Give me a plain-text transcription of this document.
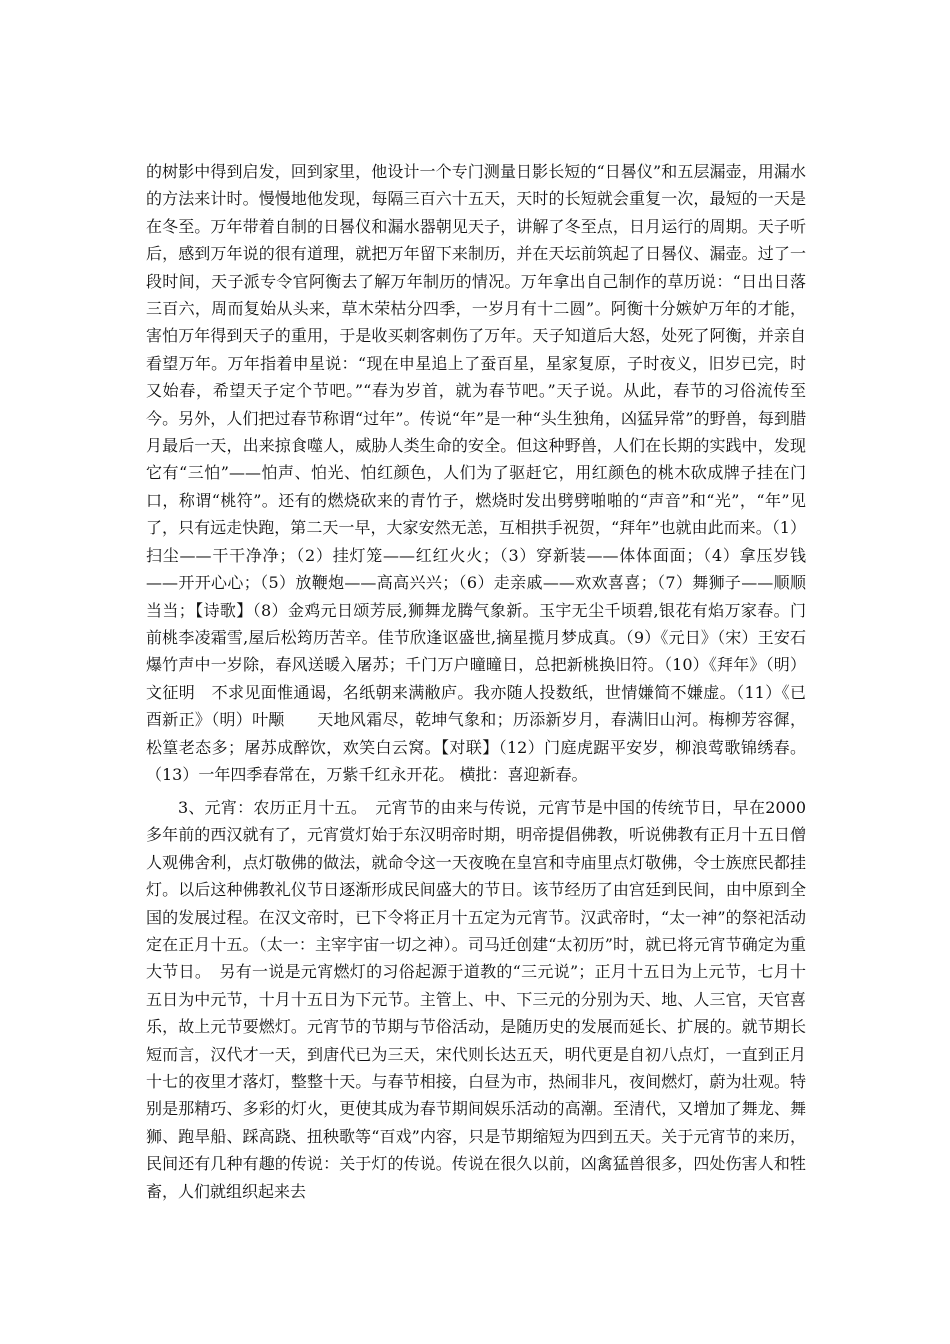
的树影中得到启发，回到家里，他设计一个专门测量日影长短的“日晷仪”和五层漏壶，用漏水的方法来计时。慢慢地他发现，每隔三百六十五天，天时的长短就会重复一次，最短的一天是在冬至。万年带着自制的日晷仪和漏水器朝见天子，讲解了冬至点，日月运行的周期。天子听后，感到万年说的很有道理，就把万年留下来制历，并在天坛前筑起了日晷仪、漏壶。过了一段时间，天子派专令官阿衡去了解万年制历的情况。万年拿出自己制作的草历说：“日出日落三百六，周而复始从头来，草木荣枯分四季，一岁月有十二圆”。阿衡十分嫉妒万年的才能，害怕万年得到天子的重用，于是收买刺客刺伤了万年。天子知道后大怒，处死了阿衡，并亲自看望万年。万年指着申星说：“现在申星追上了蚕百星，星家复原，子时夜义，旧岁已完，时又始春，希望天子定个节吧。”“春为岁首，就为春节吧。”天子说。从此，春节的习俗流传至今。另外，人们把过春节称谓“过年”。传说“年”是一种“头生独角，凶猛异常”的野兽，每到腊月最后一天，出来掠食噬人，威胁人类生命的安全。但这种野兽，人们在长期的实践中，发现它有“三怕”——怕声、怕光、怕红颜色，人们为了驱赶它，用红颜色的桃木砍成牌子挂在门口，称谓“桃符”。还有的燃烧砍来的青竹子，燃烧时发出劈劈啪啪的“声音”和“光”，“年”见了，只有远走快跑，第二天一早，大家安然无恙，互相拱手祝贺，“拜年”也就由此而来。（1）扫尘——干干净净；（2）挂灯笼——红红火火；（3）穿新装——体体面面；（4）拿压岁钱——开开心心；（5）放鞭炮——高高兴兴；（6）走亲戚——欢欢喜喜；（7）舞狮子——顺顺当当；【诗歌】（8）金鸡元日颂芳辰,狮舞龙腾气象新。玉宇无尘千顷碧,银花有焰万家春。门前桃李凌霜雪,屋后松筠历苦辛。佳节欣逢讴盛世,摘星揽月梦成真。（9）《元日》（宋）王安石　　爆竹声中一岁除，春风送暖入屠苏；千门万户曈曈日，总把新桃换旧符。（10）《拜年》（明）文征明　不求见面惟通谒，名纸朝来满敝庐。我亦随人投数纸，世情嫌简不嫌虚。（11）《已酉新正》（明）叶颙　　天地风霜尽，乾坤气象和；历添新岁月，春满旧山河。梅柳芳容徲，松篁老态多；屠苏成醉饮，欢笑白云窝。【对联】（12）门庭虎踞平安岁，柳浪莺歌锦绣春。（13）一年四季春常在，万紫千红永开花。 横批：喜迎新春。
3、元宵：农历正月十五。　元宵节的由来与传说，元宵节是中国的传统节日，早在2000多年前的西汉就有了，元宵赏灯始于东汉明帝时期，明帝提倡佛教，听说佛教有正月十五日僧人观佛舍利，点灯敬佛的做法，就命令这一天夜晚在皇宫和寺庙里点灯敬佛，令士族庶民都挂灯。以后这种佛教礼仪节日逐渐形成民间盛大的节日。该节经历了由宫廷到民间，由中原到全国的发展过程。在汉文帝时，已下令将正月十五定为元宵节。汉武帝时，“太一神”的祭祀活动定在正月十五。（太一：主宰宇宙一切之神）。司马迁创建“太初历”时，就已将元宵节确定为重大节日。　另有一说是元宵燃灯的习俗起源于道教的“三元说”；正月十五日为上元节，七月十五日为中元节，十月十五日为下元节。主管上、中、下三元的分别为天、地、人三官，天官喜乐，故上元节要燃灯。元宵节的节期与节俗活动，是随历史的发展而延长、扩展的。就节期长短而言，汉代才一天，到唐代已为三天，宋代则长达五天，明代更是自初八点灯，一直到正月十七的夜里才落灯，整整十天。与春节相接，白昼为市，热闹非凡，夜间燃灯，蔚为壮观。特别是那精巧、多彩的灯火，更使其成为春节期间娱乐活动的高潮。至清代，又增加了舞龙、舞狮、跑旱船、踩高跷、扭秧歌等“百戏”内容，只是节期缩短为四到五天。关于元宵节的来历，民间还有几种有趣的传说：关于灯的传说。传说在很久以前，凶禽猛兽很多，四处伤害人和牲畜，人们就组织起来去
